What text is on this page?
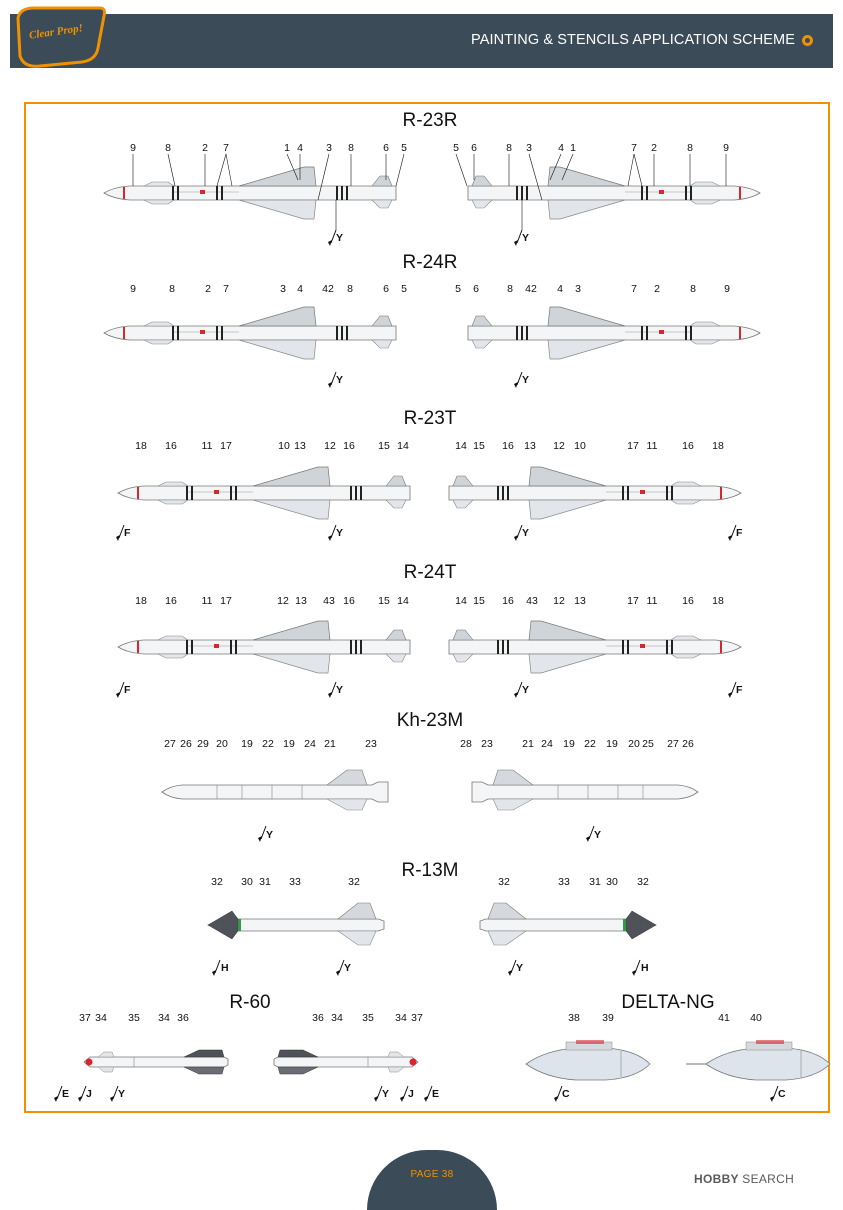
PAINTING & STENCILS APPLICATION SCHEME
Clear Prop!
R-23R
R-24R
R-23T
R-24T
Kh-23M
R-13M
R-60	DELTA-NG
9	8	2 7	1 4 3 8	6 5	5 6	8 3 4 1	7 2	8	9
Y	Y
9	8	2 7	3 4 42 8	6 5	5 6	8 42 4 3	7 2	8	9
Y	Y
18 16 11 17	10 13 12 16 15 14	14 15 16 13 12 10	17 11 16 18
F	Y	Y	F
18 16 11 17	12 13 43 16 15 14	14 15 16 43 12 13	17 11 16 18
F	Y	Y	F
27 26 29 20 19 22 19 24 21	23	28 23	21 24 19 22 19 20 25 27 26
Y	Y
32 30 31 33	32	32	33 31 30 32
H	Y	Y	H
37 34 35 34 36	36 34 35 34 37
E J Y	Y J E
38 39	41 40
C	C
PAGE 38	HOBBY SEARCH
